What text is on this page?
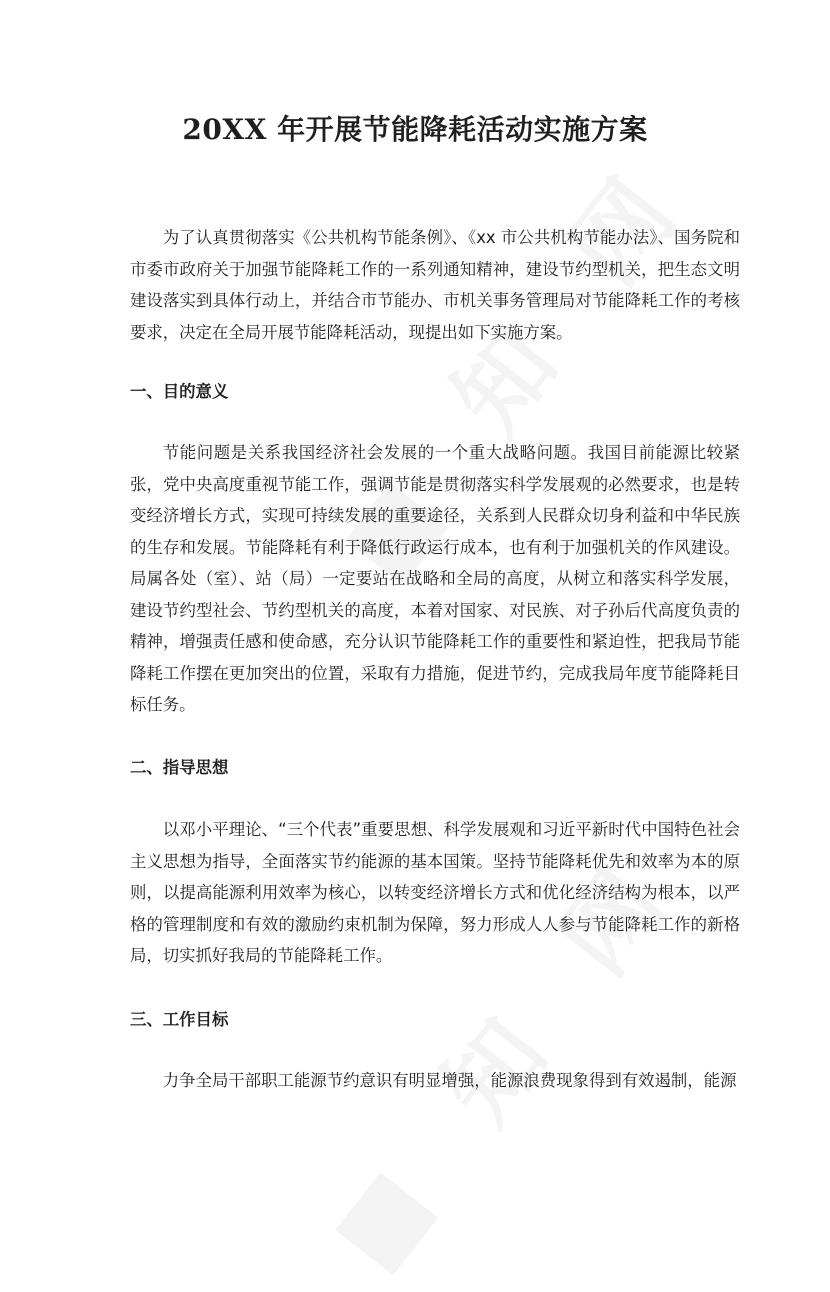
20XX 年开展节能降耗活动实施方案

为了认真贯彻落实《公共机构节能条例》、《xx 市公共机构节能办法》、国务院和市委市政府关于加强节能降耗工作的一系列通知精神，建设节约型机关，把生态文明建设落实到具体行动上，并结合市节能办、市机关事务管理局对节能降耗工作的考核要求，决定在全局开展节能降耗活动，现提出如下实施方案。

一、目的意义

节能问题是关系我国经济社会发展的一个重大战略问题。我国目前能源比较紧张，党中央高度重视节能工作，强调节能是贯彻落实科学发展观的必然要求，也是转变经济增长方式，实现可持续发展的重要途径，关系到人民群众切身利益和中华民族的生存和发展。节能降耗有利于降低行政运行成本，也有利于加强机关的作风建设。局属各处（室）、站（局）一定要站在战略和全局的高度，从树立和落实科学发展，建设节约型社会、节约型机关的高度，本着对国家、对民族、对子孙后代高度负责的精神，增强责任感和使命感，充分认识节能降耗工作的重要性和紧迫性，把我局节能降耗工作摆在更加突出的位置，采取有力措施，促进节约，完成我局年度节能降耗目标任务。

二、指导思想

以邓小平理论、“三个代表”重要思想、科学发展观和习近平新时代中国特色社会主义思想为指导，全面落实节约能源的基本国策。坚持节能降耗优先和效率为本的原则，以提高能源利用效率为核心，以转变经济增长方式和优化经济结构为根本，以严格的管理制度和有效的激励约束机制为保障，努力形成人人参与节能降耗工作的新格局，切实抓好我局的节能降耗工作。

三、工作目标

力争全局干部职工能源节约意识有明显增强，能源浪费现象得到有效遏制，能源
